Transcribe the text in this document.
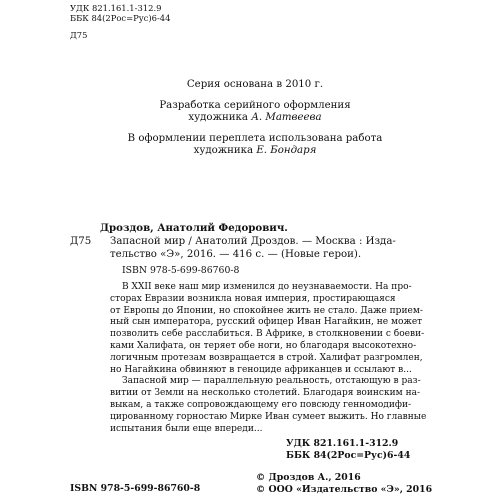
УДК 821.161.1-312.9
ББК 84(2Рос=Рус)6-44
Д75
Серия основана в 2010 г.
Разработка серийного оформления
художника А. Матвеева
В оформлении переплета использована работа
художника Е. Бондаря
Дроздов, Анатолий Федорович.
Д75 Запасной мир / Анатолий Дроздов. — Москва : Изда-
тельство «Э», 2016. — 416 с. — (Новые герои).
ISBN 978-5-699-86760-8
В XXII веке наш мир изменился до неузнаваемости. На про-
сторах Евразии возникла новая империя, простирающаяся
от Европы до Японии, но спокойнее жить не стало. Даже прием-
ный сын императора, русский офицер Иван Нагайкин, не может
позволить себе расслабиться. В Африке, в столкновении с боеви-
ками Халифата, он теряет обе ноги, но благодаря высокотехно-
логичным протезам возвращается в строй. Халифат разгромлен,
но Нагайкина обвиняют в геноциде африканцев и ссылают в...
Запасной мир — параллельную реальность, отстающую в раз-
витии от Земли на несколько столетий. Благодаря воинским на-
выкам, а также сопровождающему его повсюду генномодифи-
цированному горностаю Мирке Иван сумеет выжить. Но главные
испытания были еще впереди...
УДК 821.161.1-312.9
ББК 84(2Рос=Рус)6-44
ISBN 978-5-699-86760-8
© Дроздов А., 2016
© ООО «Издательство «Э», 2016
